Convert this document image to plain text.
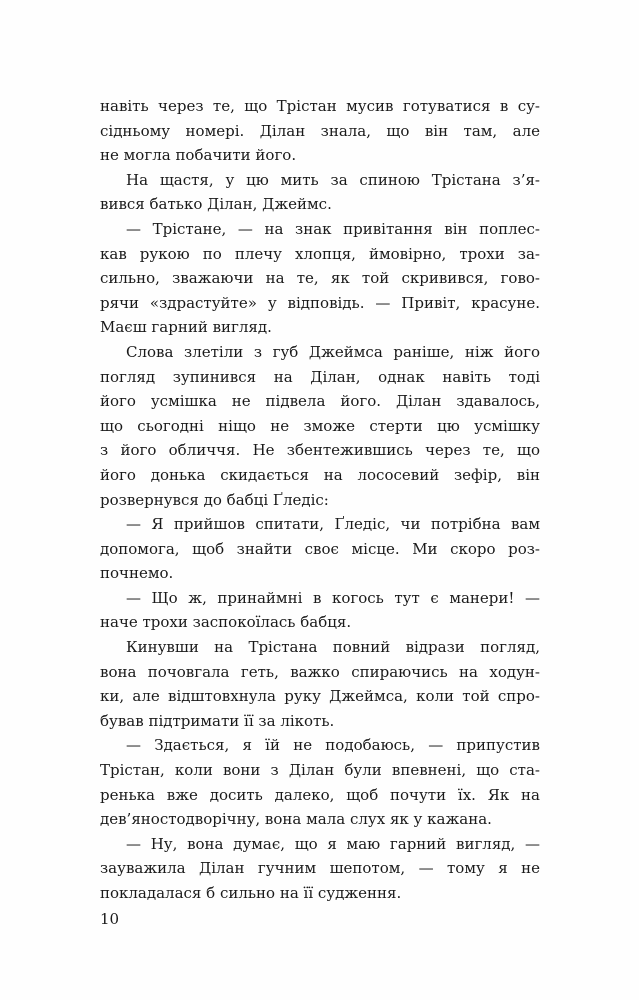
навіть через те, що Трістан мусив готуватися в су-
сідньому номері. Ділан знала, що він там, але
не могла побачити його.
На щастя, у цю мить за спиною Трістана з’я-
вився батько Ділан, Джеймс.
— Трістане, — на знак привітання він поплес-
кав рукою по плечу хлопця, ймовірно, трохи за-
сильно, зважаючи на те, як той скривився, гово-
рячи «здрастуйте» у відповідь. — Привіт, красуне.
Маєш гарний вигляд.
Слова злетіли з губ Джеймса раніше, ніж його
погляд зупинився на Ділан, однак навіть тоді
його усмішка не підвела його. Ділан здавалось,
що сьогодні ніщо не зможе стерти цю усмішку
з його обличчя. Не збентежившись через те, що
його донька скидається на лососевий зефір, він
розвернувся до бабці Ґледіс:
— Я прийшов спитати, Ґледіс, чи потрібна вам
допомога, щоб знайти своє місце. Ми скоро роз-
почнемо.
— Що ж, принаймні в когось тут є манери! —
наче трохи заспокоїлась бабця.
Кинувши на Трістана повний відрази погляд,
вона почовгала геть, важко спираючись на ходун-
ки, але відштовхнула руку Джеймса, коли той спро-
бував підтримати її за лікоть.
— Здається, я їй не подобаюсь, — припустив
Трістан, коли вони з Ділан були впевнені, що ста-
ренька вже досить далеко, щоб почути їх. Як на
дев’яностодворічну, вона мала слух як у кажана.
— Ну, вона думає, що я маю гарний вигляд, —
зауважила Ділан гучним шепотом, — тому я не
покладалася б сильно на її судження.
10
